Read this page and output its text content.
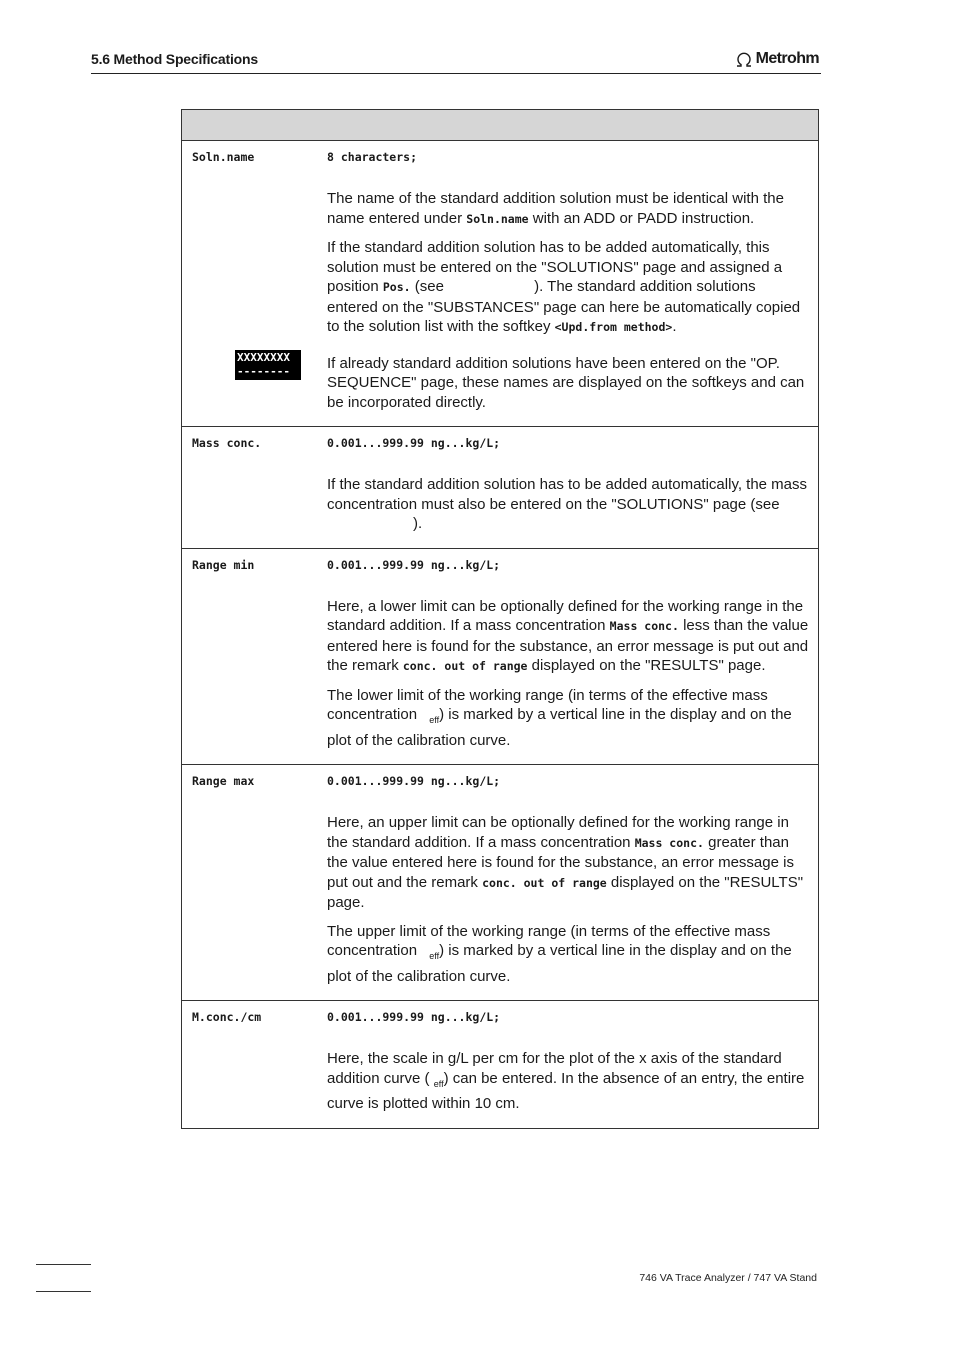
5.6 Method Specifications	Metrohm
Soln.name	8 characters;
XXXXXXXX
--------

The name of the standard addition solution must be identical with the name entered under Soln.name with an ADD or PADD instruction.

If the standard addition solution has to be added automatically, this solution must be entered on the "SOLUTIONS" page and assigned a position Pos. (see	). The standard addition solutions entered on the "SUBSTANCES" page can here be automatically copied to the solution list with the softkey <Upd.from method>.

If already standard addition solutions have been entered on the "OP. SEQUENCE" page, these names are displayed on the softkeys and can be incorporated directly.

Mass conc.	0.001...999.99 ng...kg/L;

If the standard addition solution has to be added automatically, the mass concentration must also be entered on the "SOLUTIONS" page (see ).

Range min	0.001...999.99 ng...kg/L;

Here, a lower limit can be optionally defined for the working range in the standard addition. If a mass concentration Mass conc. less than the value entered here is found for the substance, an error message is put out and the remark conc. out of range displayed on the "RESULTS" page.

The lower limit of the working range (in terms of the effective mass concentration $_{eff}$) is marked by a vertical line in the display and on the plot of the calibration curve.

Range max	0.001...999.99 ng...kg/L;

Here, an upper limit can be optionally defined for the working range in the standard addition. If a mass concentration Mass conc. greater than the value entered here is found for the substance, an error message is put out and the remark conc. out of range displayed on the "RESULTS" page.

The upper limit of the working range (in terms of the effective mass concentration $_{eff}$) is marked by a vertical line in the display and on the plot of the calibration curve.

M.conc./cm	0.001...999.99 ng...kg/L;

Here, the scale in g/L per cm for the plot of the x axis of the standard addition curve ( $_{eff}$) can be entered. In the absence of an entry, the entire curve is plotted within 10 cm.

746 VA Trace Analyzer / 747 VA Stand
